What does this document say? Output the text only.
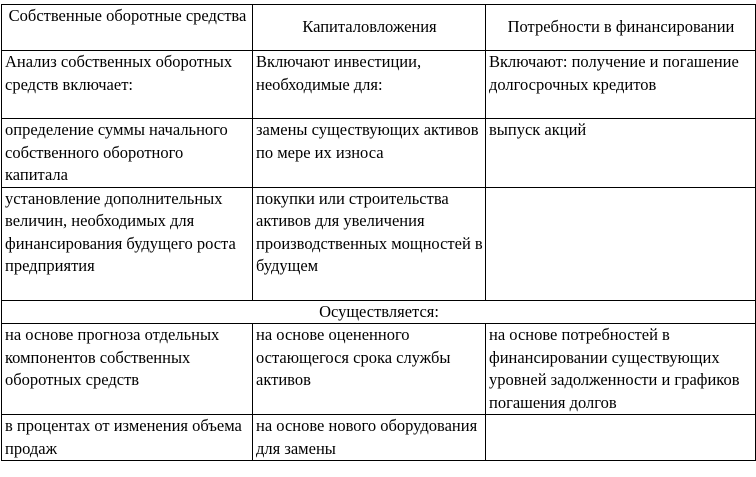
Собственные оборотные средства	Капиталовложения	Потребности в финансировании
Анализ собственных оборотных средств включает:	Включают инвестиции, необходимые для:	Включают: получение и погашение долгосрочных кредитов
определение суммы начального собственного оборотного капитала	замены существующих активов по мере их износа	выпуск акций
установление дополнительных величин, необходимых для финансирования будущего роста предприятия	покупки или строительства активов для увеличения производственных мощностей в будущем	
Осуществляется:		
на основе прогноза отдельных компонентов собственных оборотных средств	на основе оцененного остающегося срока службы активов	на основе потребностей в финансировании существующих уровней задолженности и графиков погашения долгов
в процентах от изменения объема продаж	на основе нового оборудования для замены	
